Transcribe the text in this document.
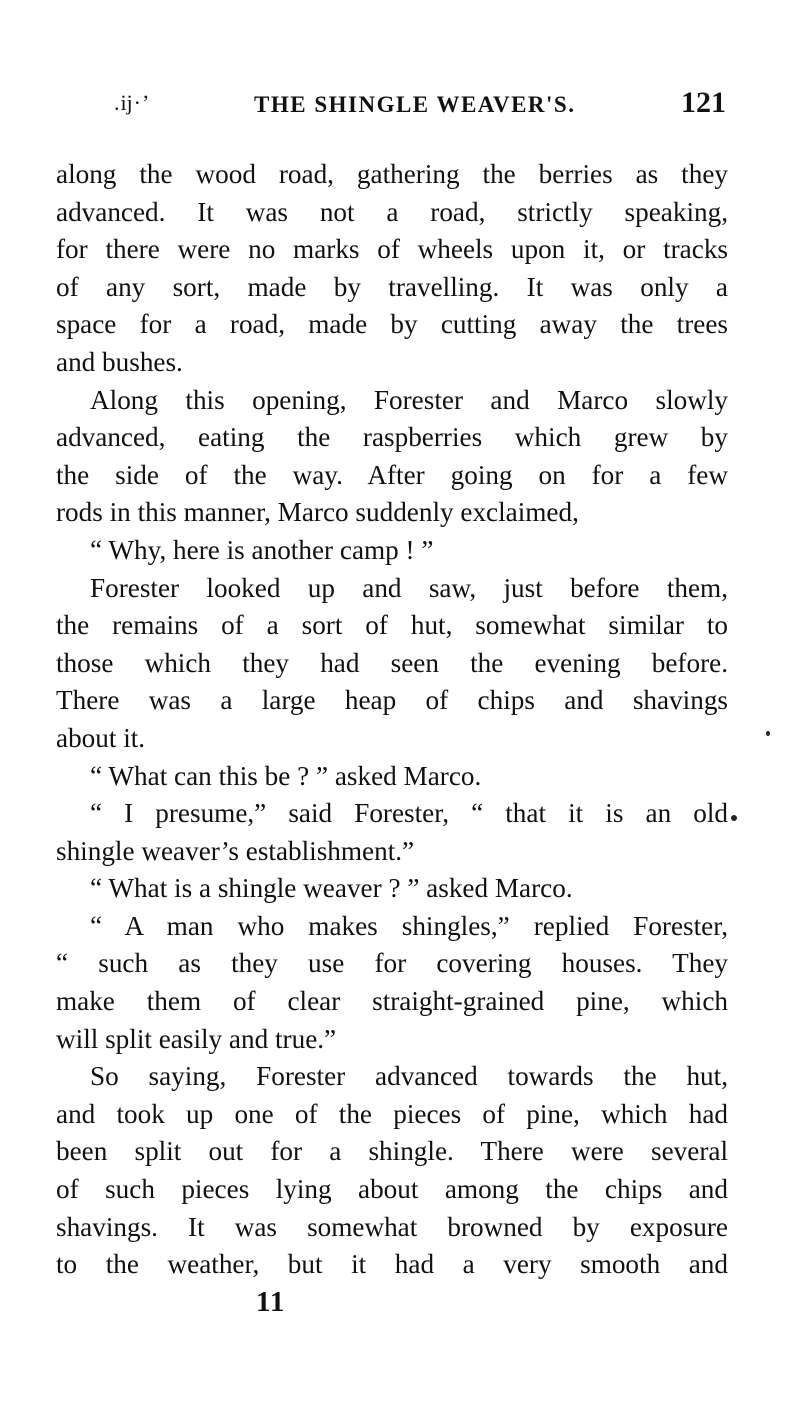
.ĳ·’	THE SHINGLE WEAVER'S.	121
along the wood road, gathering the berries as they
advanced. It was not a road, strictly speaking,
for there were no marks of wheels upon it, or tracks
of any sort, made by travelling. It was only a
space for a road, made by cutting away the trees
and bushes.
Along this opening, Forester and Marco slowly
advanced, eating the raspberries which grew by
the side of the way. After going on for a few
rods in this manner, Marco suddenly exclaimed,
“ Why, here is another camp ! ”
Forester looked up and saw, just before them,
the remains of a sort of hut, somewhat similar to
those which they had seen the evening before.
There was a large heap of chips and shavings
about it.
“ What can this be ? ” asked Marco.
“ I presume,” said Forester, “ that it is an old
shingle weaver’s establishment.”
“ What is a shingle weaver ? ” asked Marco.
“ A man who makes shingles,” replied Forester,
“ such as they use for covering houses. They
make them of clear straight-grained pine, which
will split easily and true.”
So saying, Forester advanced towards the hut,
and took up one of the pieces of pine, which had
been split out for a shingle. There were several
of such pieces lying about among the chips and
shavings. It was somewhat browned by exposure
to the weather, but it had a very smooth and
11
